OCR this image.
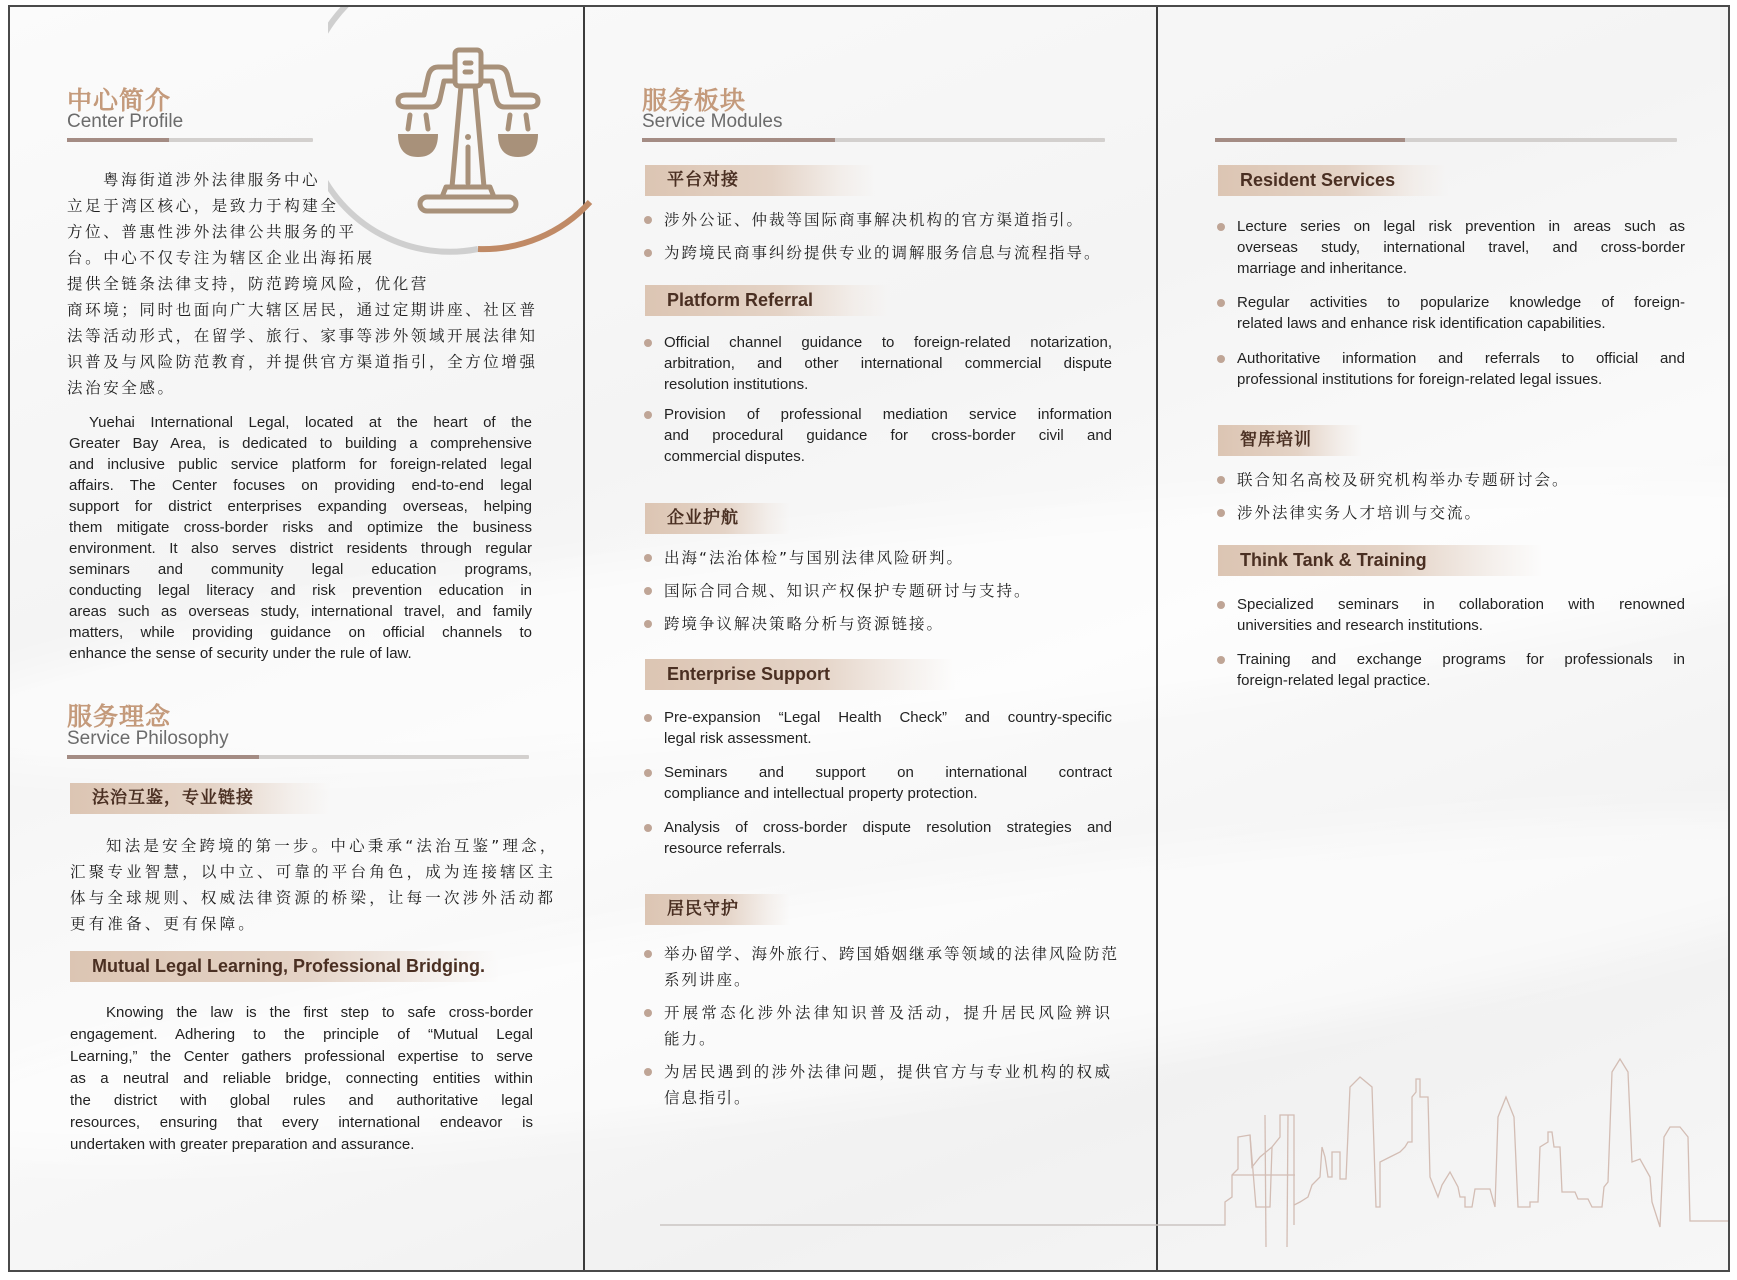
中心简介
Center Profile
粤海街道涉外法律服务中心
立足于湾区核心，是致力于构建全
方位、普惠性涉外法律公共服务的平
台。中心不仅专注为辖区企业出海拓展
提供全链条法律支持，防范跨境风险，优化营
商环境；同时也面向广大辖区居民，通过定期讲座、社区普
法等活动形式，在留学、旅行、家事等涉外领域开展法律知
识普及与风险防范教育，并提供官方渠道指引，全方位增强
法治安全感。
Yuehai International Legal, located at the heart of the
Greater Bay Area, is dedicated to building a comprehensive
and inclusive public service platform for foreign-related legal
affairs. The Center focuses on providing end-to-end legal
support for district enterprises expanding overseas, helping
them mitigate cross-border risks and optimize the business
environment. It also serves district residents through regular
seminars and community legal education programs,
conducting legal literacy and risk prevention education in
areas such as overseas study, international travel, and family
matters, while providing guidance on official channels to
enhance the sense of security under the rule of law.
服务理念
Service Philosophy
法治互鉴，专业链接
知法是安全跨境的第一步。中心秉承“法治互鉴”理念，
汇聚专业智慧，以中立、可靠的平台角色，成为连接辖区主
体与全球规则、权威法律资源的桥梁，让每一次涉外活动都
更有准备、更有保障。
Mutual Legal Learning, Professional Bridging.
Knowing the law is the first step to safe cross-border
engagement. Adhering to the principle of “Mutual Legal
Learning,” the Center gathers professional expertise to serve
as a neutral and reliable bridge, connecting entities within
the district with global rules and authoritative legal
resources, ensuring that every international endeavor is
undertaken with greater preparation and assurance.
服务板块
Service Modules
平台对接
涉外公证、仲裁等国际商事解决机构的官方渠道指引。
为跨境民商事纠纷提供专业的调解服务信息与流程指导。
Platform Referral
Official channel guidance to foreign-related notarization,
arbitration, and other international commercial dispute
resolution institutions.
Provision of professional mediation service information
and procedural guidance for cross-border civil and
commercial disputes.
企业护航
出海“法治体检”与国别法律风险研判。
国际合同合规、知识产权保护专题研讨与支持。
跨境争议解决策略分析与资源链接。
Enterprise Support
Pre-expansion “Legal Health Check” and country-specific
legal risk assessment.
Seminars and support on international contract
compliance and intellectual property protection.
Analysis of cross-border dispute resolution strategies and
resource referrals.
居民守护
举办留学、海外旅行、跨国婚姻继承等领域的法律风险防范
系列讲座。
开展常态化涉外法律知识普及活动，提升居民风险辨识
能力。
为居民遇到的涉外法律问题，提供官方与专业机构的权威
信息指引。
Resident Services
Lecture series on legal risk prevention in areas such as
overseas study, international travel, and cross-border
marriage and inheritance.
Regular activities to popularize knowledge of foreign-
related laws and enhance risk identification capabilities.
Authoritative information and referrals to official and
professional institutions for foreign-related legal issues.
智库培训
联合知名高校及研究机构举办专题研讨会。
涉外法律实务人才培训与交流。
Think Tank & Training
Specialized seminars in collaboration with renowned
universities and research institutions.
Training and exchange programs for professionals in
foreign-related legal practice.
